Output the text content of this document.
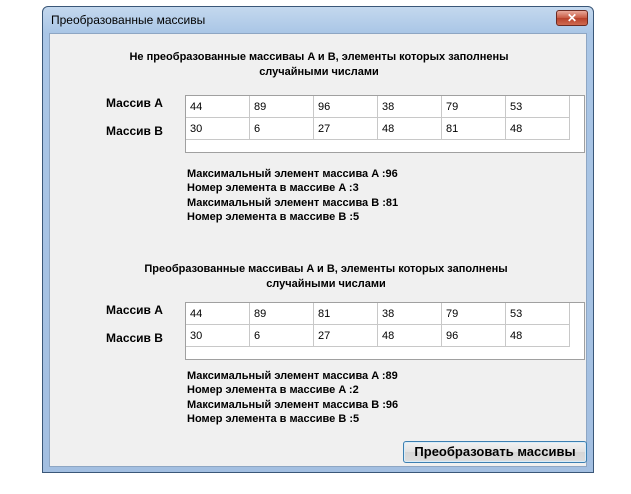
Преобразованные массивы	✕
Не преобразованные массиваы A и B, элементы которых заполнены
случайными числами
Массив A
Массив B
44	89	96	38	79	53
30	6	27	48	81	48
Максимальный элемент массива A :96
Номер элемента в массиве A :3
Максимальный элемент массива B :81
Номер элемента в массиве B :5
Преобразованные массиваы A и B, элементы которых заполнены
случайными числами
Массив A
Массив B
44	89	81	38	79	53
30	6	27	48	96	48
Максимальный элемент массива A :89
Номер элемента в массиве A :2
Максимальный элемент массива B :96
Номер элемента в массиве B :5
Преобразовать массивы
